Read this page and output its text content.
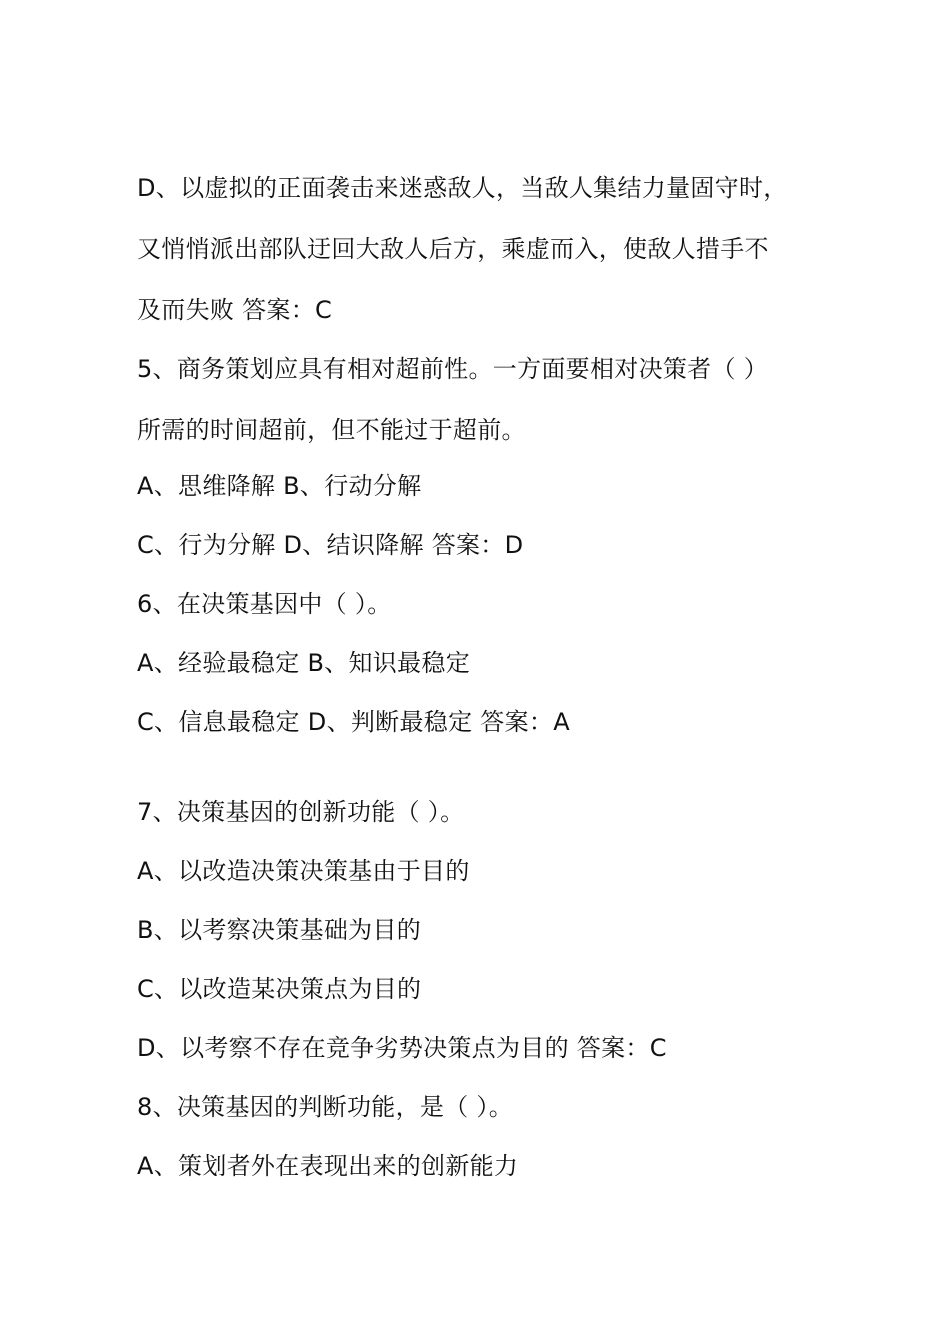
D、以虚拟的正面袭击来迷惑敌人，当敌人集结力量固守时，
又悄悄派出部队迂回大敌人后方，乘虚而入，使敌人措手不
及而失败 答案：C
5、商务策划应具有相对超前性。一方面要相对决策者（ ）
所需的时间超前，但不能过于超前。
A、思维降解 B、行动分解
C、行为分解 D、结识降解 答案：D
6、在决策基因中（ ）。
A、经验最稳定 B、知识最稳定
C、信息最稳定 D、判断最稳定 答案：A
7、决策基因的创新功能（ ）。
A、以改造决策决策基由于目的
B、以考察决策基础为目的
C、以改造某决策点为目的
D、以考察不存在竞争劣势决策点为目的 答案：C
8、决策基因的判断功能，是（ ）。
A、策划者外在表现出来的创新能力
